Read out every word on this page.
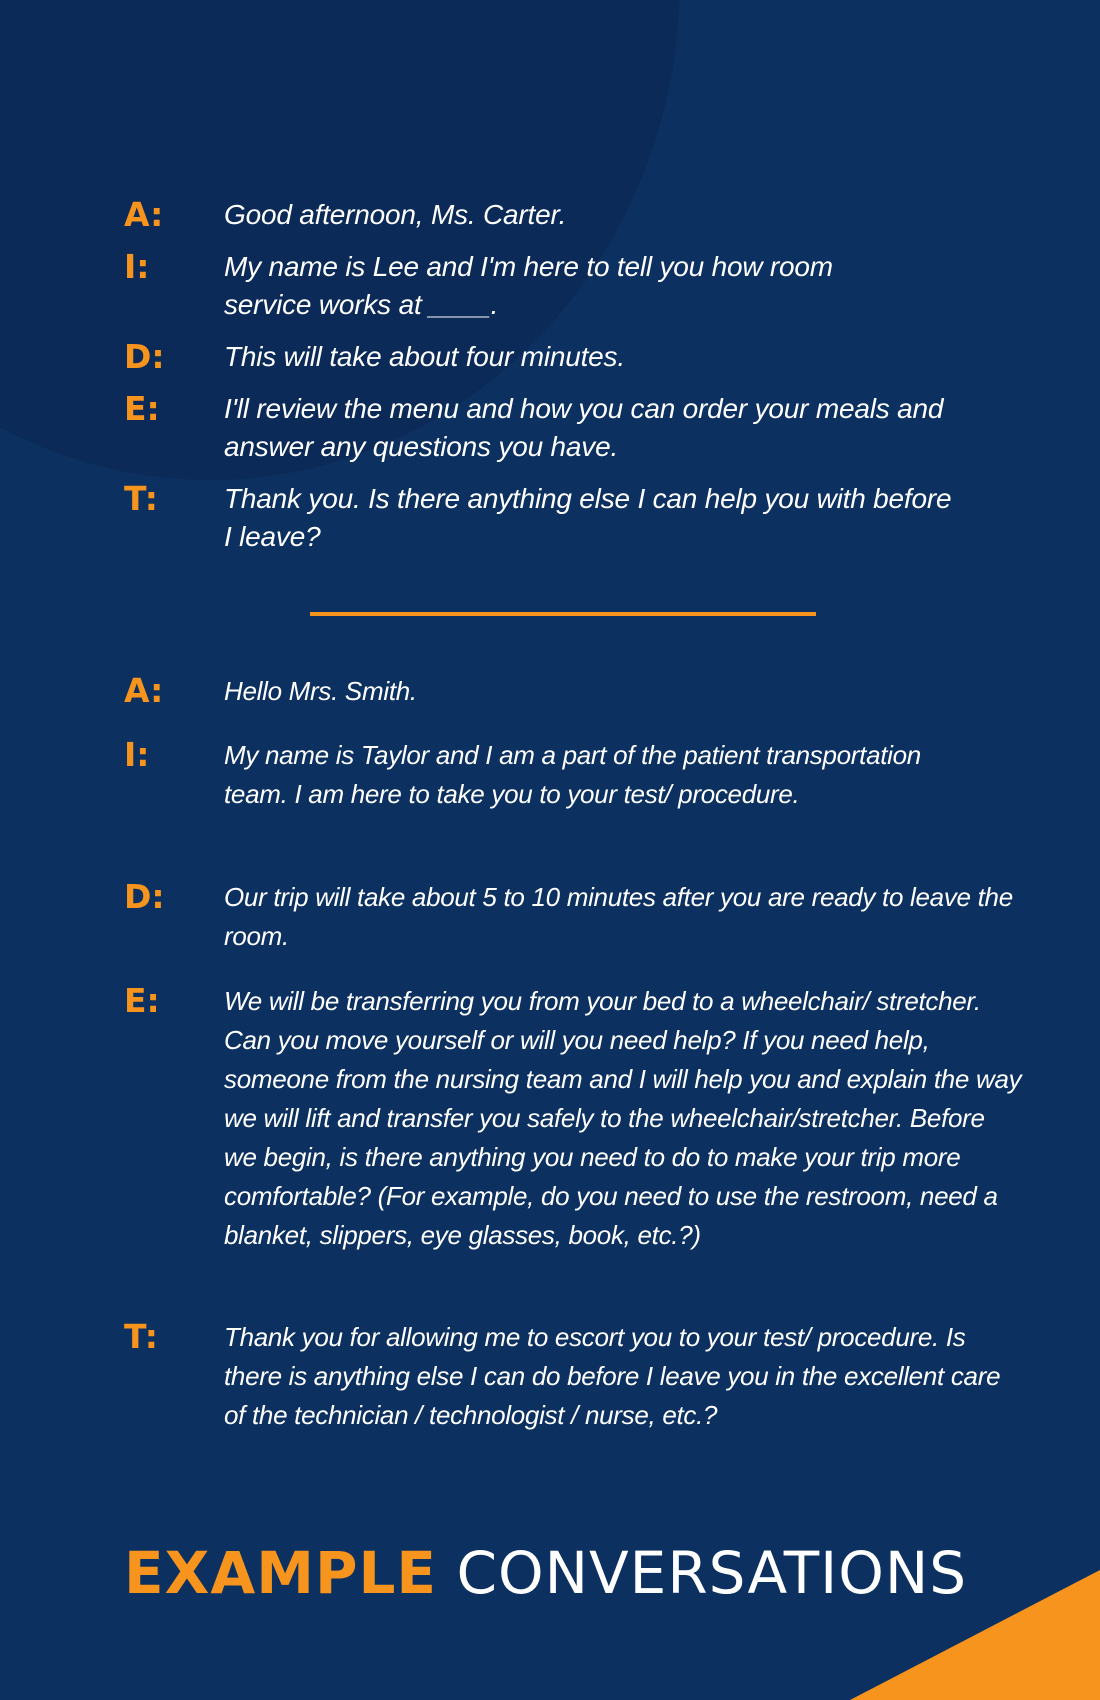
A: Good afternoon, Ms. Carter.
I:	My name is Lee and I'm here to tell you how room service works at ____.
D: This will take about four minutes.
E: I'll review the menu and how you can order your meals and answer any questions you have.
T: Thank you. Is there anything else I can help you with before I leave?
A: Hello Mrs. Smith.
I:	My name is Taylor and I am a part of the patient transportation team. I am here to take you to your test/ procedure.
D: Our trip will take about 5 to 10 minutes after you are ready to leave the room.
E: We will be transferring you from your bed to a wheelchair/ stretcher. Can you move yourself or will you need help? If you need help, someone from the nursing team and I will help you and explain the way we will lift and transfer you safely to the wheelchair/stretcher. Before we begin, is there anything you need to do to make your trip more comfortable? (For example, do you need to use the restroom, need a blanket, slippers, eye glasses, book, etc.?)
T:	Thank you for allowing me to escort you to your test/ procedure. Is there is anything else I can do before I leave you in the excellent care of the technician / technologist / nurse, etc.?
EXAMPLE CONVERSATIONS
